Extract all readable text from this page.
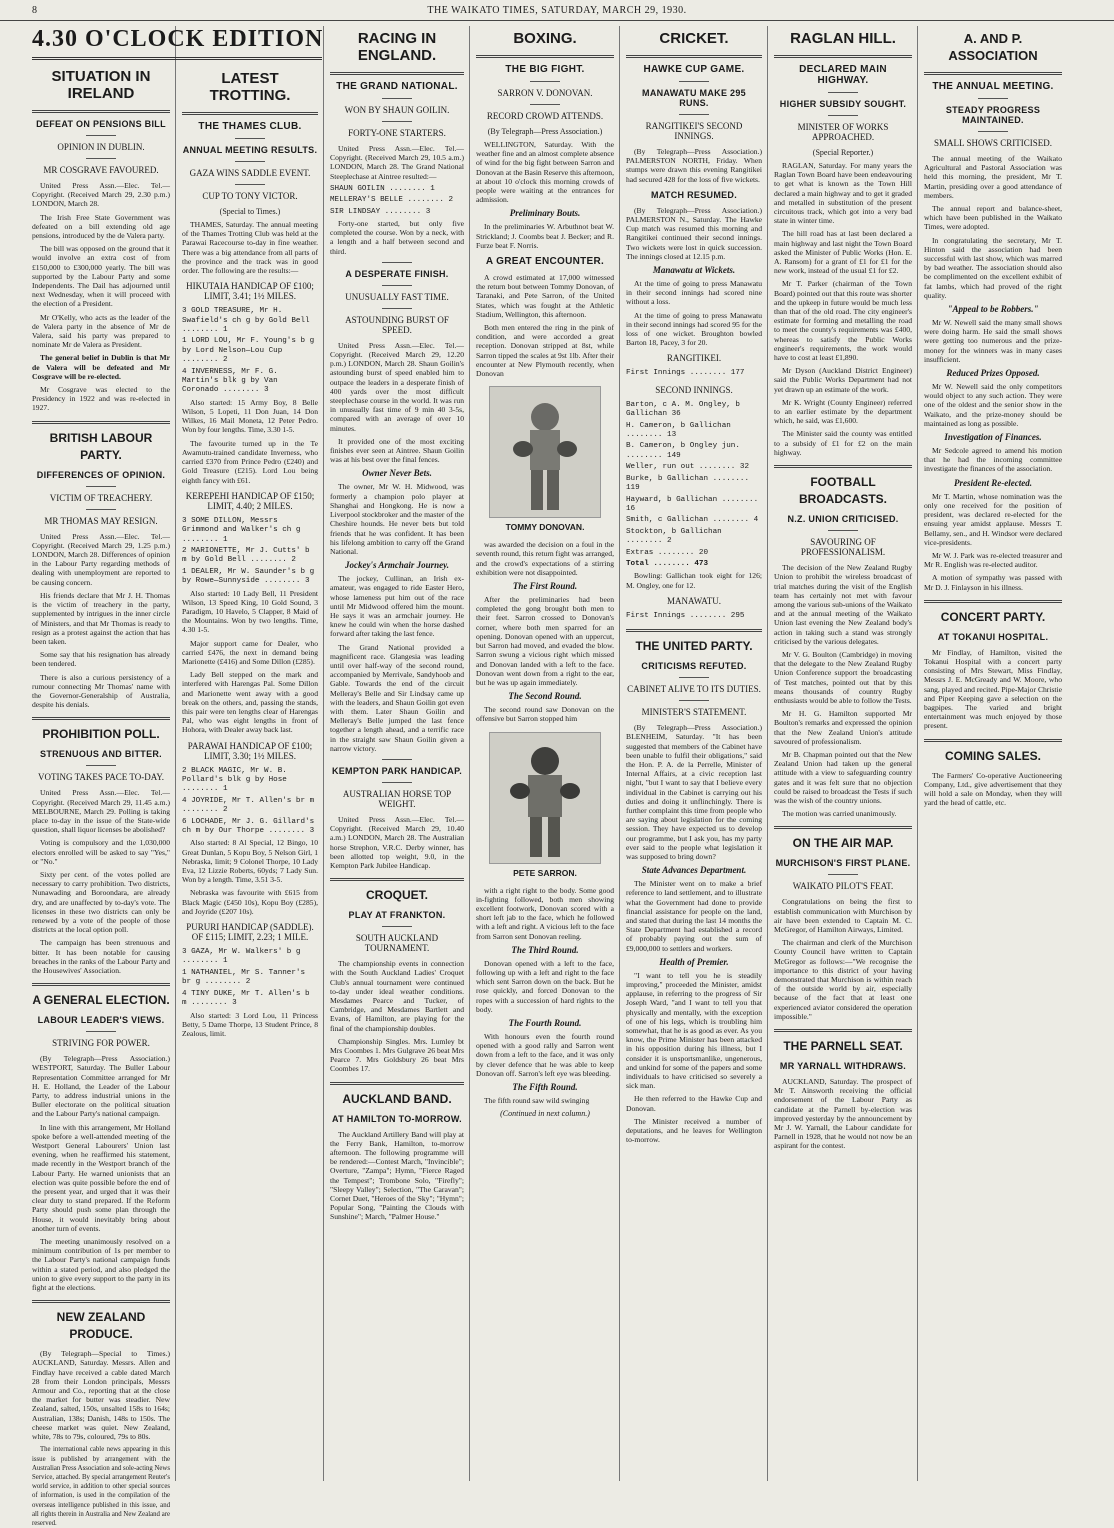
8	THE WAIKATO TIMES, SATURDAY, MARCH 29, 1930.
4.30 O'CLOCK EDITION
SITUATION IN IRELAND
DEFEAT ON PENSIONS BILL
OPINION IN DUBLIN.
MR COSGRAVE FAVOURED.

United Press Assn.—Elec. Tel.—Copyright. (Received March 29, 2.30 p.m.) LONDON, March 28.

The Irish Free State Government was defeated on a bill extending old age pensions, introduced by the de Valera party.

The bill was opposed on the ground that it would involve an extra cost of from £150,000 to £300,000 yearly. The bill was supported by the Labour Party and some Independents. The Dail has adjourned until next Wednesday, when it will proceed with the election of a President.

Mr O'Kelly, who acts as the leader of the de Valera party in the absence of Mr de Valera, said his party was prepared to nominate Mr de Valera as President.

The general belief in Dublin is that Mr de Valera will be defeated and Mr Cosgrave will be re-elected.

Mr Cosgrave was elected to the Presidency in 1922 and was re-elected in 1927.

BRITISH LABOUR PARTY.
DIFFERENCES OF OPINION.
VICTIM OF TREACHERY.
MR THOMAS MAY RESIGN.

United Press Assn.—Elec. Tel.—Copyright. (Received March 29, 1.25 p.m.) LONDON, March 28. Differences of opinion in the Labour Party regarding methods of dealing with unemployment are reported to be causing concern.

His friends declare that Mr J. H. Thomas is the victim of treachery in the party, supplemented by intrigues in the inner circle of Ministers, and that Mr Thomas is ready to resign as a protest against the action that has been taken.

Some say that his resignation has already been tendered.

There is also a curious persistency of a rumour connecting Mr Thomas' name with the Governor-Generalship of Australia, despite his denials.

PROHIBITION POLL.
STRENUOUS AND BITTER.
VOTING TAKES PACE TO-DAY.

United Press Assn.—Elec. Tel.—Copyright. (Received March 29, 11.45 a.m.) MELBOURNE, March 29. Polling is taking place to-day in the issue of the State-wide question, shall liquor licenses be abolished?

Voting is compulsory and the 1,030,000 electors enrolled will be asked to say "Yes," or "No."

Sixty per cent. of the votes polled are necessary to carry prohibition. Two districts, Nunawading and Boroondara, are already dry, and are unaffected by to-day's vote. The licenses in these two districts can only be renewed by a vote of the people of those districts at the local option poll.

The campaign has been strenuous and bitter. It has been notable for causing breaches in the ranks of the Labour Party and the Housewives' Association.

A GENERAL ELECTION.
LABOUR LEADER'S VIEWS.
STRIVING FOR POWER.

(By Telegraph—Press Association.) WESTPORT, Saturday. The Buller Labour Representation Committee arranged for Mr H. E. Holland, the Leader of the Labour Party, to address industrial unions in the Buller electorate on the political situation and the Labour Party's national campaign.

In line with this arrangement, Mr Holland spoke before a well-attended meeting of the Westport General Labourers' Union last evening, when he reaffirmed his statement, made recently in the Westport branch of the Labour Party. He warned unionists that an election was quite possible before the end of the present year, and urged that it was their clear duty to stand prepared. If the Reform Party should push some plan through the House, it would inevitably bring about another turn of events.

The meeting unanimously resolved on a minimum contribution of 1s per member to the Labour Party's national campaign funds within a stated period, and also pledged the union to give every support to the party in its fight at the elections.

NEW ZEALAND PRODUCE.

(By Telegraph—Special to Times.) AUCKLAND, Saturday. Messrs. Allen and Findlay have received a cable dated March 28 from their London principals, Messrs Armour and Co., reporting that at the close the market for butter was steadier. New Zealand, salted, 150s, unsalted 158s to 164s; Australian, 138s; Danish, 148s to 150s. The cheese market was quiet. New Zealand, white, 78s to 79s, coloured, 79s to 80s.

The international cable news appearing in this issue is published by arrangement with the Australian Press Association and sole-acting News Service, attached. By special arrangement Reuter's world service, in addition to other special sources of information, is used in the compilation of the overseas intelligence published in this issue, and all rights therein in Australia and New Zealand are reserved.

LATEST TROTTING.
THE THAMES CLUB.
ANNUAL MEETING RESULTS.
GAZA WINS SADDLE EVENT.
CUP TO TONY VICTOR.
(Special to Times.)

THAMES, Saturday. The annual meeting of the Thames Trotting Club was held at the Parawai Racecourse to-day in fine weather. There was a big attendance from all parts of the province and the track was in good order. The following are the results:—

HIKUTAIA HANDICAP OF £100; LIMIT, 3.41; 1½ MILES.
3 GOLD TREASURE, Mr H. Swafield's ch g by Gold Bell ........ 1
1 LORD LOU, Mr F. Young's b g by Lord Nelson—Lou Cup ........ 2
4 INVERNESS, Mr F. G. Martin's blk g by Van Coronado ........ 3

Also started: 15 Army Boy, 8 Belle Wilson, 5 Lopeti, 11 Don Juan, 14 Don Wilkes, 16 Mail Moneta, 12 Peter Pedro. Won by four lengths. Time, 3.30 1-5.

The favourite turned up in the Te Awamutu-trained candidate Inverness, who carried £370 from Prince Pedro (£240) and Gold Treasure (£215). Lord Lou being eighth fancy with £61.

KEREPEHI HANDICAP OF £150; LIMIT, 4.40; 2 MILES.
3 SOME DILLON, Messrs Grimmond and Walker's ch g ........ 1
2 MARIONETTE, Mr J. Cutts' b m by Gold Bell ........ 2
1 DEALER, Mr W. Saunder's b g by Rowe—Sunnyside ........ 3

Also started: 10 Lady Bell, 11 President Wilson, 13 Speed King, 10 Gold Sound, 3 Paradigm, 10 Havelo, 5 Clapper, 8 Maid of the Mountains. Won by two lengths. Time, 4.30 1-5.

Major support came for Dealer, who carried £476, the next in demand being Marionette (£416) and Some Dillon (£285).

Lady Bell stepped on the mark and interfered with Harengas Pal. Some Dillon and Marionette went away with a good break on the others, and, passing the stands, this pair were ten lengths clear of Harengas Pal, who was eight lengths in front of Hohora, with Dealer away back last.

PARAWAI HANDICAP OF £100; LIMIT, 3.30; 1½ MILES.
2 BLACK MAGIC, Mr W. B. Pollard's blk g by Hose ........ 1
4 JOYRIDE, Mr T. Allen's br m ........ 2
6 LOCHADE, Mr J. G. Gillard's ch m by Our Thorpe ........ 3

Also started: 8 Al Special, 12 Bingo, 10 Great Dunlan, 5 Kopu Boy, 5 Nelson Girl, 1 Nebraska, limit; 9 Colonel Thorpe, 10 Lady Eva, 12 Lizzie Roberts, 60yds; 7 Lady Sun. Won by a length. Time, 3.51 3-5.

Nebraska was favourite with £615 from Black Magic (£450 10s), Kopu Boy (£285), and Joyride (£207 10s).

PURURI HANDICAP (SADDLE). OF £115; LIMIT, 2.23; 1 MILE.
3 GAZA, Mr W. Walkers' b g ........ 1
1 NATHANIEL, Mr S. Tanner's br g ........ 2
4 TINY DUKE, Mr T. Allen's b m ........ 3

Also started: 3 Lord Lou, 11 Princess Betty, 5 Dame Thorpe, 13 Student Prince, 8 Zealous, limit.

RACING IN ENGLAND.
THE GRAND NATIONAL.
WON BY SHAUN GOILIN.
FORTY-ONE STARTERS.

United Press Assn.—Elec. Tel.—Copyright. (Received March 29, 10.5 a.m.) LONDON, March 28. The Grand National Steeplechase at Aintree resulted:—

SHAUN GOILIN ........ 1
MELLERAY'S BELLE ........ 2
SIR LINDSAY ........ 3

Forty-one started, but only five completed the course. Won by a neck, with a length and a half between second and third.

A DESPERATE FINISH.
UNUSUALLY FAST TIME.
ASTOUNDING BURST OF SPEED.

United Press Assn.—Elec. Tel.—Copyright. (Received March 29, 12.20 p.m.) LONDON, March 28. Shaun Goilin's astounding burst of speed enabled him to outpace the leaders in a desperate finish of 400 yards over the most difficult steeplechase course in the world. It was run in unusually fast time of 9 min 40 3-5s, compared with an average of over 10 minutes.

It provided one of the most exciting finishes ever seen at Aintree. Shaun Goilin was at his best over the final fences.

Owner Never Bets.

The owner, Mr W. H. Midwood, was formerly a champion polo player at Shanghai and Hongkong. He is now a Liverpool stockbroker and the master of the Cheshire hounds. He never bets but told friends that he was confident. It has been his lifelong ambition to carry off the Grand National.

Jockey's Armchair Journey.

The jockey, Cullinan, an Irish ex-amateur, was engaged to ride Easter Hero, whose lameness put him out of the race until Mr Midwood offered him the mount. He says it was an armchair journey. He knew he could win when the horse dashed forward after taking the last fence.

The Grand National provided a magnificent race. Glangesia was leading until over half-way of the second round, accompanied by Merrivale, Sandyhoob and Gable. Towards the end of the circuit Melleray's Belle and Sir Lindsay came up with the leaders, and Shaun Goilin got even with them. Later Shaun Goilin and Melleray's Belle jumped the last fence together a length ahead, and a terrific race in the straight saw Shaun Goilin given a narrow victory.

KEMPTON PARK HANDICAP.
AUSTRALIAN HORSE TOP WEIGHT.

United Press Assn.—Elec. Tel.—Copyright. (Received March 29, 10.40 a.m.) LONDON, March 28. The Australian horse Strephon, V.R.C. Derby winner, has been allotted top weight, 9.0, in the Kempton Park Jubilee Handicap.

CROQUET.
PLAY AT FRANKTON.
SOUTH AUCKLAND TOURNAMENT.

The championship events in connection with the South Auckland Ladies' Croquet Club's annual tournament were continued to-day under ideal weather conditions. Mesdames Pearce and Tucker, of Cambridge, and Mesdames Bartlett and Evans, of Hamilton, are playing for the final of the championship doubles.

Championship Singles. Mrs. Lumley bt Mrs Coombes 1. Mrs Gulgrave 26 beat Mrs Pearce 7. Mrs Goldsbury 26 beat Mrs Coombes 17.

AUCKLAND BAND.
AT HAMILTON TO-MORROW.

The Auckland Artillery Band will play at the Ferry Bank, Hamilton, to-morrow afternoon. The following programme will be rendered:—Contest March, "Invincible"; Overture, "Zampa"; Hymn, "Fierce Raged the Tempest"; Trombone Solo, "Firefly"; "Sleepy Valley"; Selection, "The Caravan"; Cornet Duet, "Heroes of the Sky"; "Hymn"; Popular Song, "Painting the Clouds with Sunshine"; March, "Palmer House."

BOXING.
THE BIG FIGHT.
SARRON V. DONOVAN.
RECORD CROWD ATTENDS.
(By Telegraph—Press Association.)

WELLINGTON, Saturday. With the weather fine and an almost complete absence of wind for the big fight between Sarron and Donovan at the Basin Reserve this afternoon, at about 10 o'clock this morning crowds of people were waiting at the entrances for admission.

Preliminary Bouts.

In the preliminaries W. Arbuthnot beat W. Strickland; J. Coombs beat J. Becker; and R. Furze beat F. Norris.

A GREAT ENCOUNTER.

A crowd estimated at 17,000 witnessed the return bout between Tommy Donovan, of Taranaki, and Pete Sarron, of the United States, which was fought at the Athletic Stadium, Wellington, this afternoon.

Both men entered the ring in the pink of condition, and were accorded a great reception. Donovan stripped at 8st, while Sarron tipped the scales at 9st 1lb. After their encounter at New Plymouth recently, when Donovan

TOMMY DONOVAN.

was awarded the decision on a foul in the seventh round, this return fight was arranged, and the crowd's expectations of a stirring exhibition were not disappointed.

The First Round.

After the preliminaries had been completed the gong brought both men to their feet. Sarron crossed to Donovan's corner, where both men sparred for an opening. Donovan opened with an uppercut, but Sarron had moved, and evaded the blow. Sarron swung a vicious right which missed and Donovan landed with a left to the face. Donovan went down from a right to the ear, but he was up again immediately.

The Second Round.

The second round saw Donovan on the offensive but Sarron stopped him

PETE SARRON.

with a right right to the body. Some good in-fighting followed, both men showing excellent footwork, Donovan scored with a short left jab to the face, which he followed with a left and right. A vicious left to the face from Sarron sent Donovan reeling.

The Third Round.

Donovan opened with a left to the face, following up with a left and right to the face which sent Sarron down on the back. But he rose quickly, and forced Donovan to the ropes with a succession of hard rights to the body.

The Fourth Round.

With honours even the fourth round opened with a good rally and Sarron went down from a left to the face, and it was only by clever defence that he was able to keep Donovan off. Sarron's left eye was bleeding.

The Fifth Round.

The fifth round saw wild swinging

(Continued in next column.)
CRICKET.
HAWKE CUP GAME.
MANAWATU MAKE 295 RUNS.
RANGITIKEI'S SECOND INNINGS.

(By Telegraph—Press Association.) PALMERSTON NORTH, Friday. When stumps were drawn this evening Rangitikei had secured 428 for the loss of five wickets.

MATCH RESUMED.

(By Telegraph—Press Association.) PALMERSTON N., Saturday. The Hawke Cup match was resumed this morning and Rangitikei continued their second innings. Two wickets were lost in quick succession. The innings closed at 12.15 p.m.

Manawatu at Wickets.

At the time of going to press Manawatu in their second innings had scored nine without a loss.

At the time of going to press Manawatu in their second innings had scored 95 for the loss of one wicket. Broughton bowled Barton 18, Pacey, 3 for 20.

RANGITIKEI.
First Innings ........ 177
SECOND INNINGS.
Barton, c A. M. Ongley, b Gallichan 36
H. Cameron, b Gallichan ........ 13
B. Cameron, b Ongley jun. ........ 149
Weller, run out ........ 32
Burke, b Gallichan ........ 119
Hayward, b Gallichan ........ 16
Smith, c Gallichan ........ 4
Stockton, b Gallichan ........ 2
Extras ........ 20
Total ........ 473

Bowling: Gallichan took eight for 126; M. Ongley, one for 12.

MANAWATU.
First Innings ........ 295
THE UNITED PARTY.
CRITICISMS REFUTED.
CABINET ALIVE TO ITS DUTIES.
MINISTER'S STATEMENT.

(By Telegraph—Press Association.) BLENHEIM, Saturday. "It has been suggested that members of the Cabinet have been unable to fulfil their obligations," said the Hon. P. A. de la Perrelle, Minister of Internal Affairs, at a civic reception last night, "but I want to say that I believe every individual in the Cabinet is carrying out his duties and doing it unflinchingly. There is further complaint this time from people who are saying about legislation for the coming session. They have expected us to develop our programme, but I ask you, has my party ever said to the people what legislation it was supposed to bring down?

State Advances Department.

The Minister went on to make a brief reference to land settlement, and to illustrate what the Government had done to provide financial assistance for people on the land, and stated that during the last 14 months the State Department had established a record of probably paying out the sum of £9,000,000 to settlers and workers.

Health of Premier.

"I want to tell you he is steadily improving," proceeded the Minister, amidst applause, in referring to the progress of Sir Joseph Ward, "and I want to tell you that physically and mentally, with the exception of one of his legs, which is troubling him somewhat, that he is as good as ever. As you know, the Prime Minister has been attacked in his opposition during his illness, but I consider it is unsportsmanlike, ungenerous, and unkind for some of the papers and some individuals to have criticised so severely a sick man.

He then referred to the Hawke Cup and Donovan.

The Minister received a number of deputations, and he leaves for Wellington to-morrow.

RAGLAN HILL.
DECLARED MAIN HIGHWAY.
HIGHER SUBSIDY SOUGHT.
MINISTER OF WORKS APPROACHED.
(Special Reporter.)

RAGLAN, Saturday. For many years the Raglan Town Board have been endeavouring to get what is known as the Town Hill declared a main highway and to get it graded and metalled in substitution of the present circuitous track, which got into a very bad state in winter time.

The hill road has at last been declared a main highway and last night the Town Board asked the Minister of Public Works (Hon. E. A. Ransom) for a grant of £1 for £1 for the new work, instead of the usual £1 for £2.

Mr T. Parker (chairman of the Town Board) pointed out that this route was shorter and the upkeep in future would be much less than that of the old road. The city engineer's estimate for forming and metalling the road to meet the county's requirements was £400, whereas to satisfy the Public Works engineer's requirements, the work would have to cost at least £1,890.

Mr Dyson (Auckland District Engineer) said the Public Works Department had not yet drawn up an estimate of the work.

Mr K. Wright (County Engineer) referred to an earlier estimate by the department which, he said, was £1,600.

The Minister said the county was entitled to a subsidy of £1 for £2 on the main highway.

FOOTBALL BROADCASTS.
N.Z. UNION CRITICISED.
SAVOURING OF PROFESSIONALISM.

The decision of the New Zealand Rugby Union to prohibit the wireless broadcast of trial matches during the visit of the English team has certainly not met with favour among the various sub-unions of the Waikato and at the annual meeting of the Waikato Union last evening the New Zealand body's action in taking such a stand was strongly criticised by the various delegates.

Mr V. G. Boulton (Cambridge) in moving that the delegate to the New Zealand Rugby Union Conference support the broadcasting of Test matches, pointed out that by this means thousands of country Rugby enthusiasts would be able to follow the Tests.

Mr H. G. Hamilton supported Mr Boulton's remarks and expressed the opinion that the New Zealand Union's attitude savoured of professionalism.

Mr B. Chapman pointed out that the New Zealand Union had taken up the general attitude with a view to safeguarding country gates and it was felt sure that no objection could be raised to broadcast the Tests if such was the wish of the country unions.

The motion was carried unanimously.

ON THE AIR MAP.
MURCHISON'S FIRST PLANE.
WAIKATO PILOT'S FEAT.

Congratulations on being the first to establish communication with Murchison by air have been extended to Captain M. C. McGregor, of Hamilton Airways, Limited.

The chairman and clerk of the Murchison County Council have written to Captain McGregor as follows:—"We recognise the importance to this district of your having demonstrated that Murchison is within reach of the outside world by air, especially because of the fact that at least one experienced aviator considered the operation impossible."

THE PARNELL SEAT.
MR YARNALL WITHDRAWS.

AUCKLAND, Saturday. The prospect of Mr T. Ainsworth receiving the official endorsement of the Labour Party as candidate at the Parnell by-election was improved yesterday by the announcement by Mr J. W. Yarnall, the Labour candidate for Parnell in 1928, that he would not now be an aspirant for the contest.

A. AND P. ASSOCIATION
THE ANNUAL MEETING.
STEADY PROGRESS MAINTAINED.
SMALL SHOWS CRITICISED.

The annual meeting of the Waikato Agricultural and Pastoral Association was held this morning, the president, Mr T. Martin, presiding over a good attendance of members.

The annual report and balance-sheet, which have been published in the Waikato Times, were adopted.

In congratulating the secretary, Mr T. Hinton said the association had been successful with last show, which was marred by bad weather. The association should also be complimented on the excellent exhibit of fat lambs, which had proved of the right quality.

"Appeal to be Robbers."

Mr W. Newell said the many small shows were doing harm. He said the small shows were getting too numerous and the prize-money for the winners was in many cases insufficient.

Reduced Prizes Opposed.

Mr W. Newell said the only competitors would object to any such action. They were one of the oldest and the senior show in the Waikato, and the prize-money should be maintained as long as possible.

Investigation of Finances.

Mr Sedcole agreed to amend his motion that he had the incoming committee investigate the finances of the association.

President Re-elected.

Mr T. Martin, whose nomination was the only one received for the position of president, was declared re-elected for the ensuing year amidst applause. Messrs T. Bellamy, sen., and H. Windsor were declared vice-presidents.

Mr W. J. Park was re-elected treasurer and Mr R. English was re-elected auditor.

A motion of sympathy was passed with Mr D. J. Finlayson in his illness.

CONCERT PARTY.
AT TOKANUI HOSPITAL.

Mr Findlay, of Hamilton, visited the Tokanui Hospital with a concert party consisting of Mrs Stewart, Miss Findlay, Messrs J. E. McGready and W. Moore, who sang, played and recited. Pipe-Major Christie and Piper Keeping gave a selection on the bagpipes. The varied and bright entertainment was much enjoyed by those present.

COMING SALES.

The Farmers' Co-operative Auctioneering Company, Ltd., give advertisement that they will hold a sale on Monday, when they will yard the head of cattle, etc.
